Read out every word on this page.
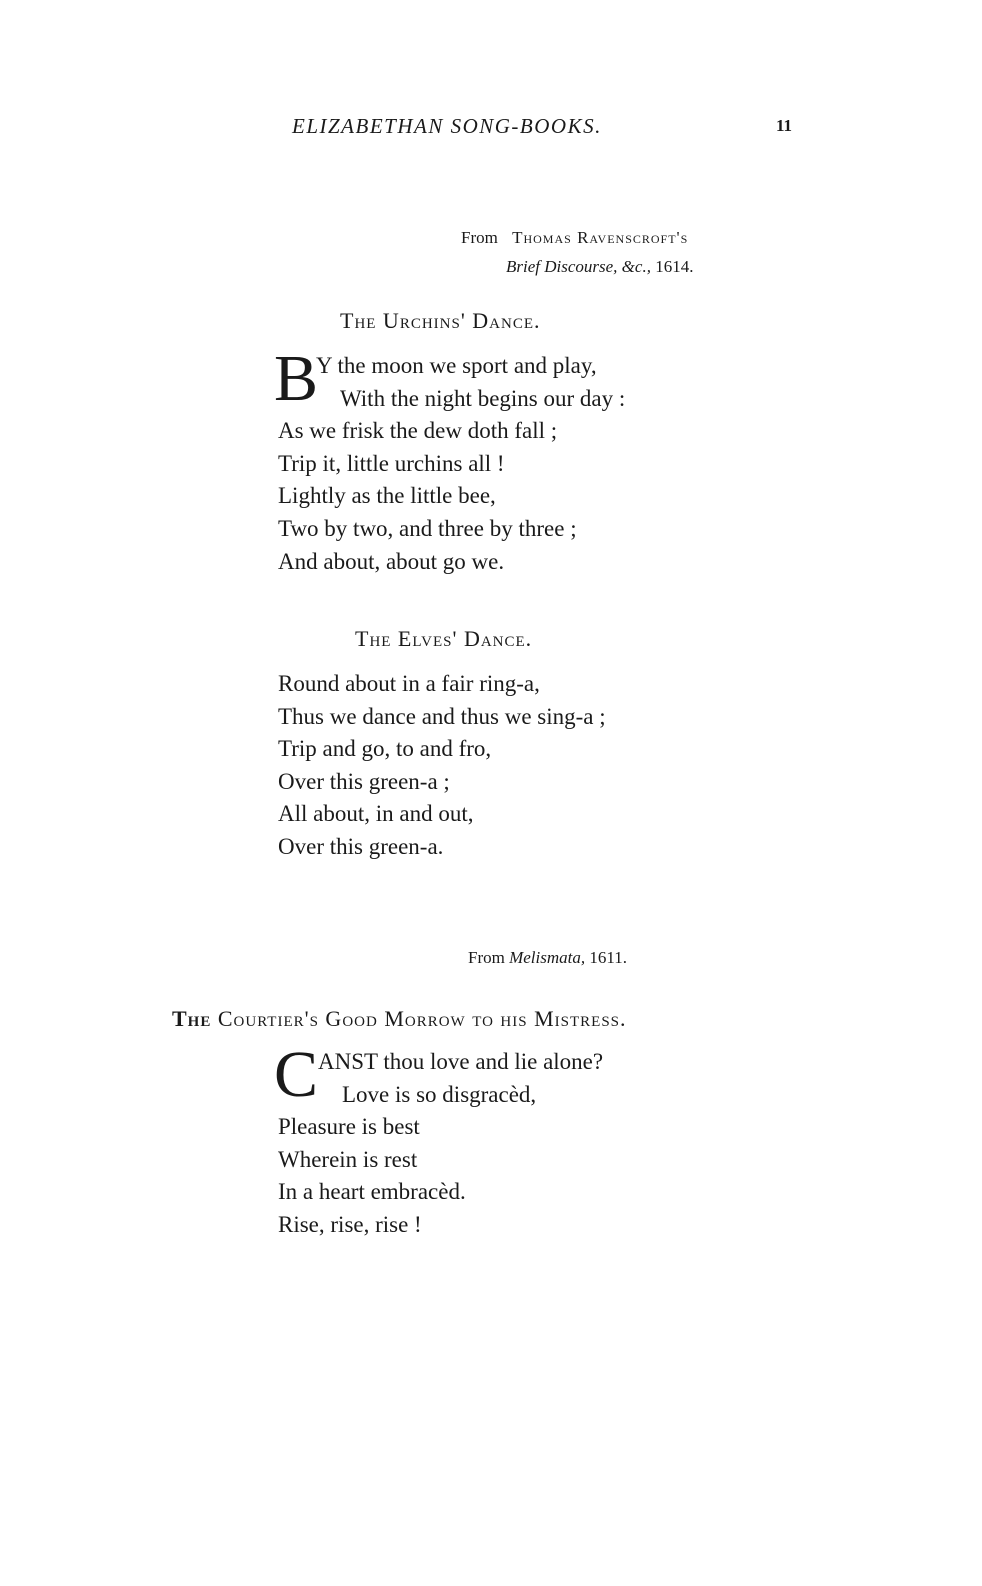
ELIZABETHAN SONG-BOOKS.	11
From Thomas Ravenscroft's
Brief Discourse, &c., 1614.
The Urchins' Dance.
B
Y the moon we sport and play,
With the night begins our day :
As we frisk the dew doth fall ;
Trip it, little urchins all !
Lightly as the little bee,
Two by two, and three by three ;
And about, about go we.
The Elves' Dance.
Round about in a fair ring-a,
Thus we dance and thus we sing-a ;
Trip and go, to and fro,
Over this green-a ;
All about, in and out,
Over this green-a.
From Melismata, 1611.
The Courtier's Good Morrow to his Mistress.
C ANST thou love and lie alone?
Love is so disgracèd,
Pleasure is best
Wherein is rest
In a heart embracèd.
Rise, rise, rise !
